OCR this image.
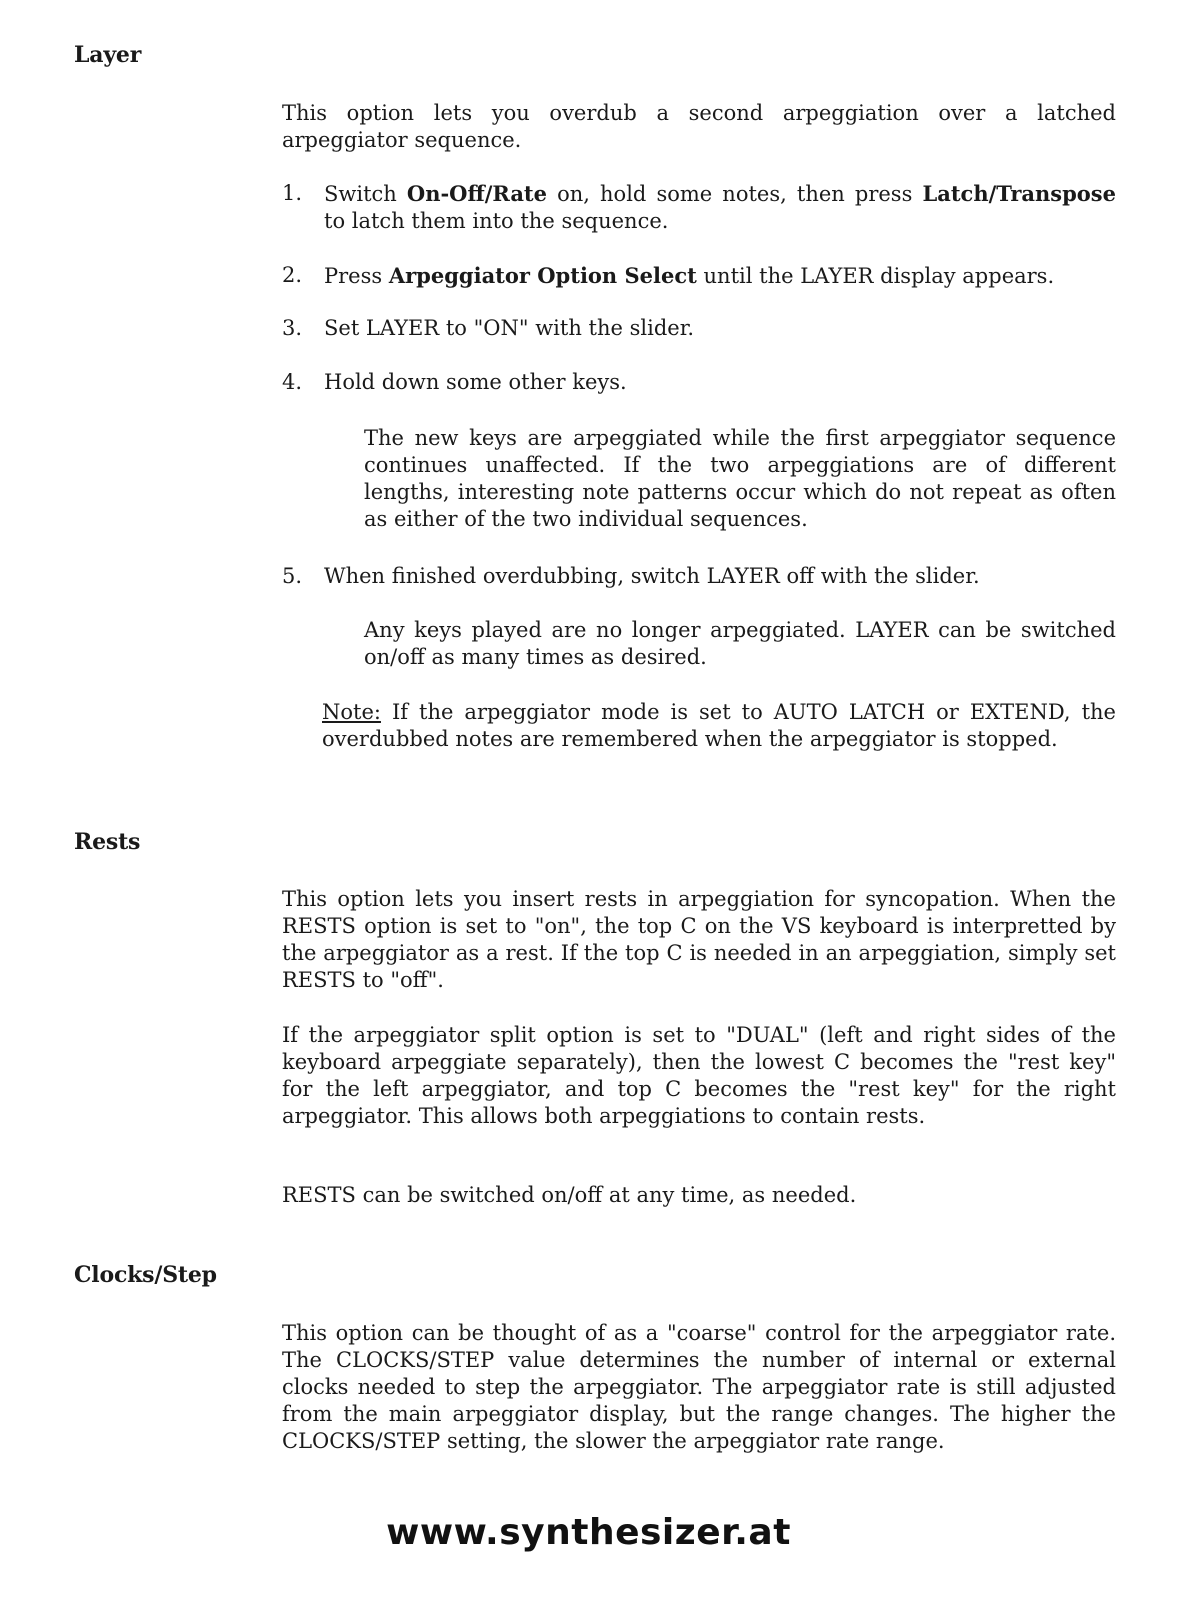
Layer

This option lets you overdub a second arpeggiation over a latched arpeggiator sequence.

1.	Switch On-Off/Rate on, hold some notes, then press Latch/Transpose to latch them into the sequence.
2.	Press Arpeggiator Option Select until the LAYER display appears.
3.	Set LAYER to "ON" with the slider.
4.	Hold down some other keys.

The new keys are arpeggiated while the first arpeggiator sequence continues unaffected. If the two arpeggiations are of different lengths, interesting note patterns occur which do not repeat as often as either of the two individual sequences.

5.	When finished overdubbing, switch LAYER off with the slider.

Any keys played are no longer arpeggiated. LAYER can be switched on/off as many times as desired.

Note: If the arpeggiator mode is set to AUTO LATCH or EXTEND, the overdubbed notes are remembered when the arpeggiator is stopped.

Rests

This option lets you insert rests in arpeggiation for syncopation. When the RESTS option is set to "on", the top C on the VS keyboard is interpretted by the arpeggiator as a rest. If the top C is needed in an arpeggiation, simply set RESTS to "off".

If the arpeggiator split option is set to "DUAL" (left and right sides of the keyboard arpeggiate separately), then the lowest C becomes the "rest key" for the left arpeggiator, and top C becomes the "rest key" for the right arpeggiator. This allows both arpeggiations to contain rests.

RESTS can be switched on/off at any time, as needed.

Clocks/Step

This option can be thought of as a "coarse" control for the arpeggiator rate. The CLOCKS/STEP value determines the number of internal or external clocks needed to step the arpeggiator. The arpeggiator rate is still adjusted from the main arpeggiator display, but the range changes. The higher the CLOCKS/STEP setting, the slower the arpeggiator rate range.

www.synthesizer.at
